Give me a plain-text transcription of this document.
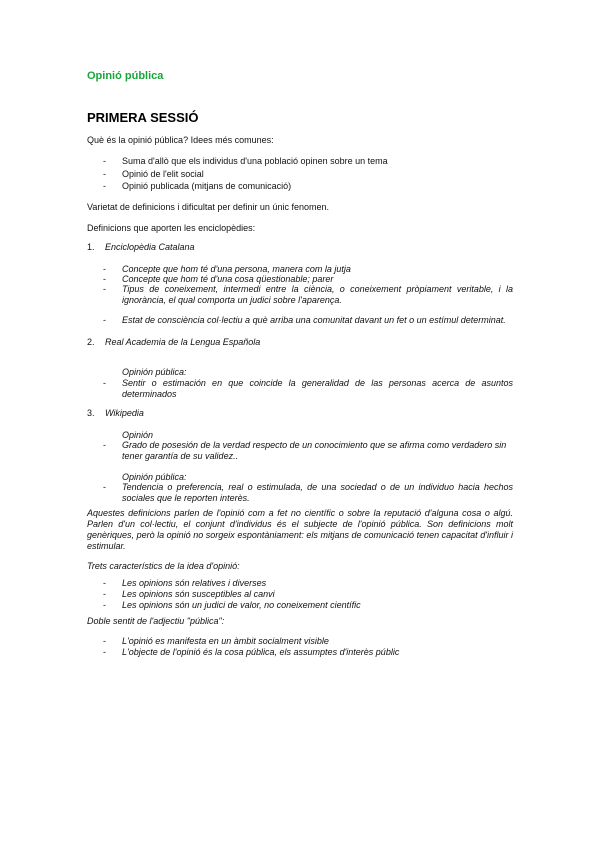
Opinió pública
PRIMERA SESSIÓ
Què és la opinió pública? Idees més comunes:
- Suma d'allò que els individus d'una població opinen sobre un tema
- Opinió de l'elit social
- Opinió publicada (mitjans de comunicació)
Varietat de definicions i dificultat per definir un únic fenomen.
Definicions que aporten les enciclopèdies:
1. Enciclopèdia Catalana
- Concepte que hom té d'una persona, manera com la jutja
- Concepte que hom té d'una cosa qüestionable; parer
- Tipus de coneixement, intermedi entre la ciència, o coneixement pròpiament veritable, i la ignorància, el qual comporta un judici sobre l'aparença.
- Estat de consciència col·lectiu a què arriba una comunitat davant un fet o un estímul determinat.
2. Real Academia de la Lengua Española
Opinión pública:
- Sentir o estimación en que coincide la generalidad de las personas acerca de asuntos determinados
3. Wikipedia
Opinión
- Grado de posesión de la verdad respecto de un conocimiento que se afirma como verdadero sin tener garantía de su validez..
Opinión pública:
- Tendencia o preferencia, real o estimulada, de una sociedad o de un individuo hacia hechos sociales que le reporten interès.
Aquestes definicions parlen de l'opinió com a fet no científic o sobre la reputació d'alguna cosa o algú. Parlen d'un col·lectiu, el conjunt d'individus és el subjecte de l'opinió pública. Son definicions molt genèriques, però la opinió no sorgeix espontàniament: els mitjans de comunicació tenen capacitat d'influir i estimular.
Trets característics de la idea d'opinió:
- Les opinions són relatives i diverses
- Les opinions són susceptibles al canvi
- Les opinions són un judici de valor, no coneixement científic
Doble sentit de l'adjectiu "pública":
- L'opinió es manifesta en un àmbit socialment visible
- L'objecte de l'opinió és la cosa pública, els assumptes d'interès públic
